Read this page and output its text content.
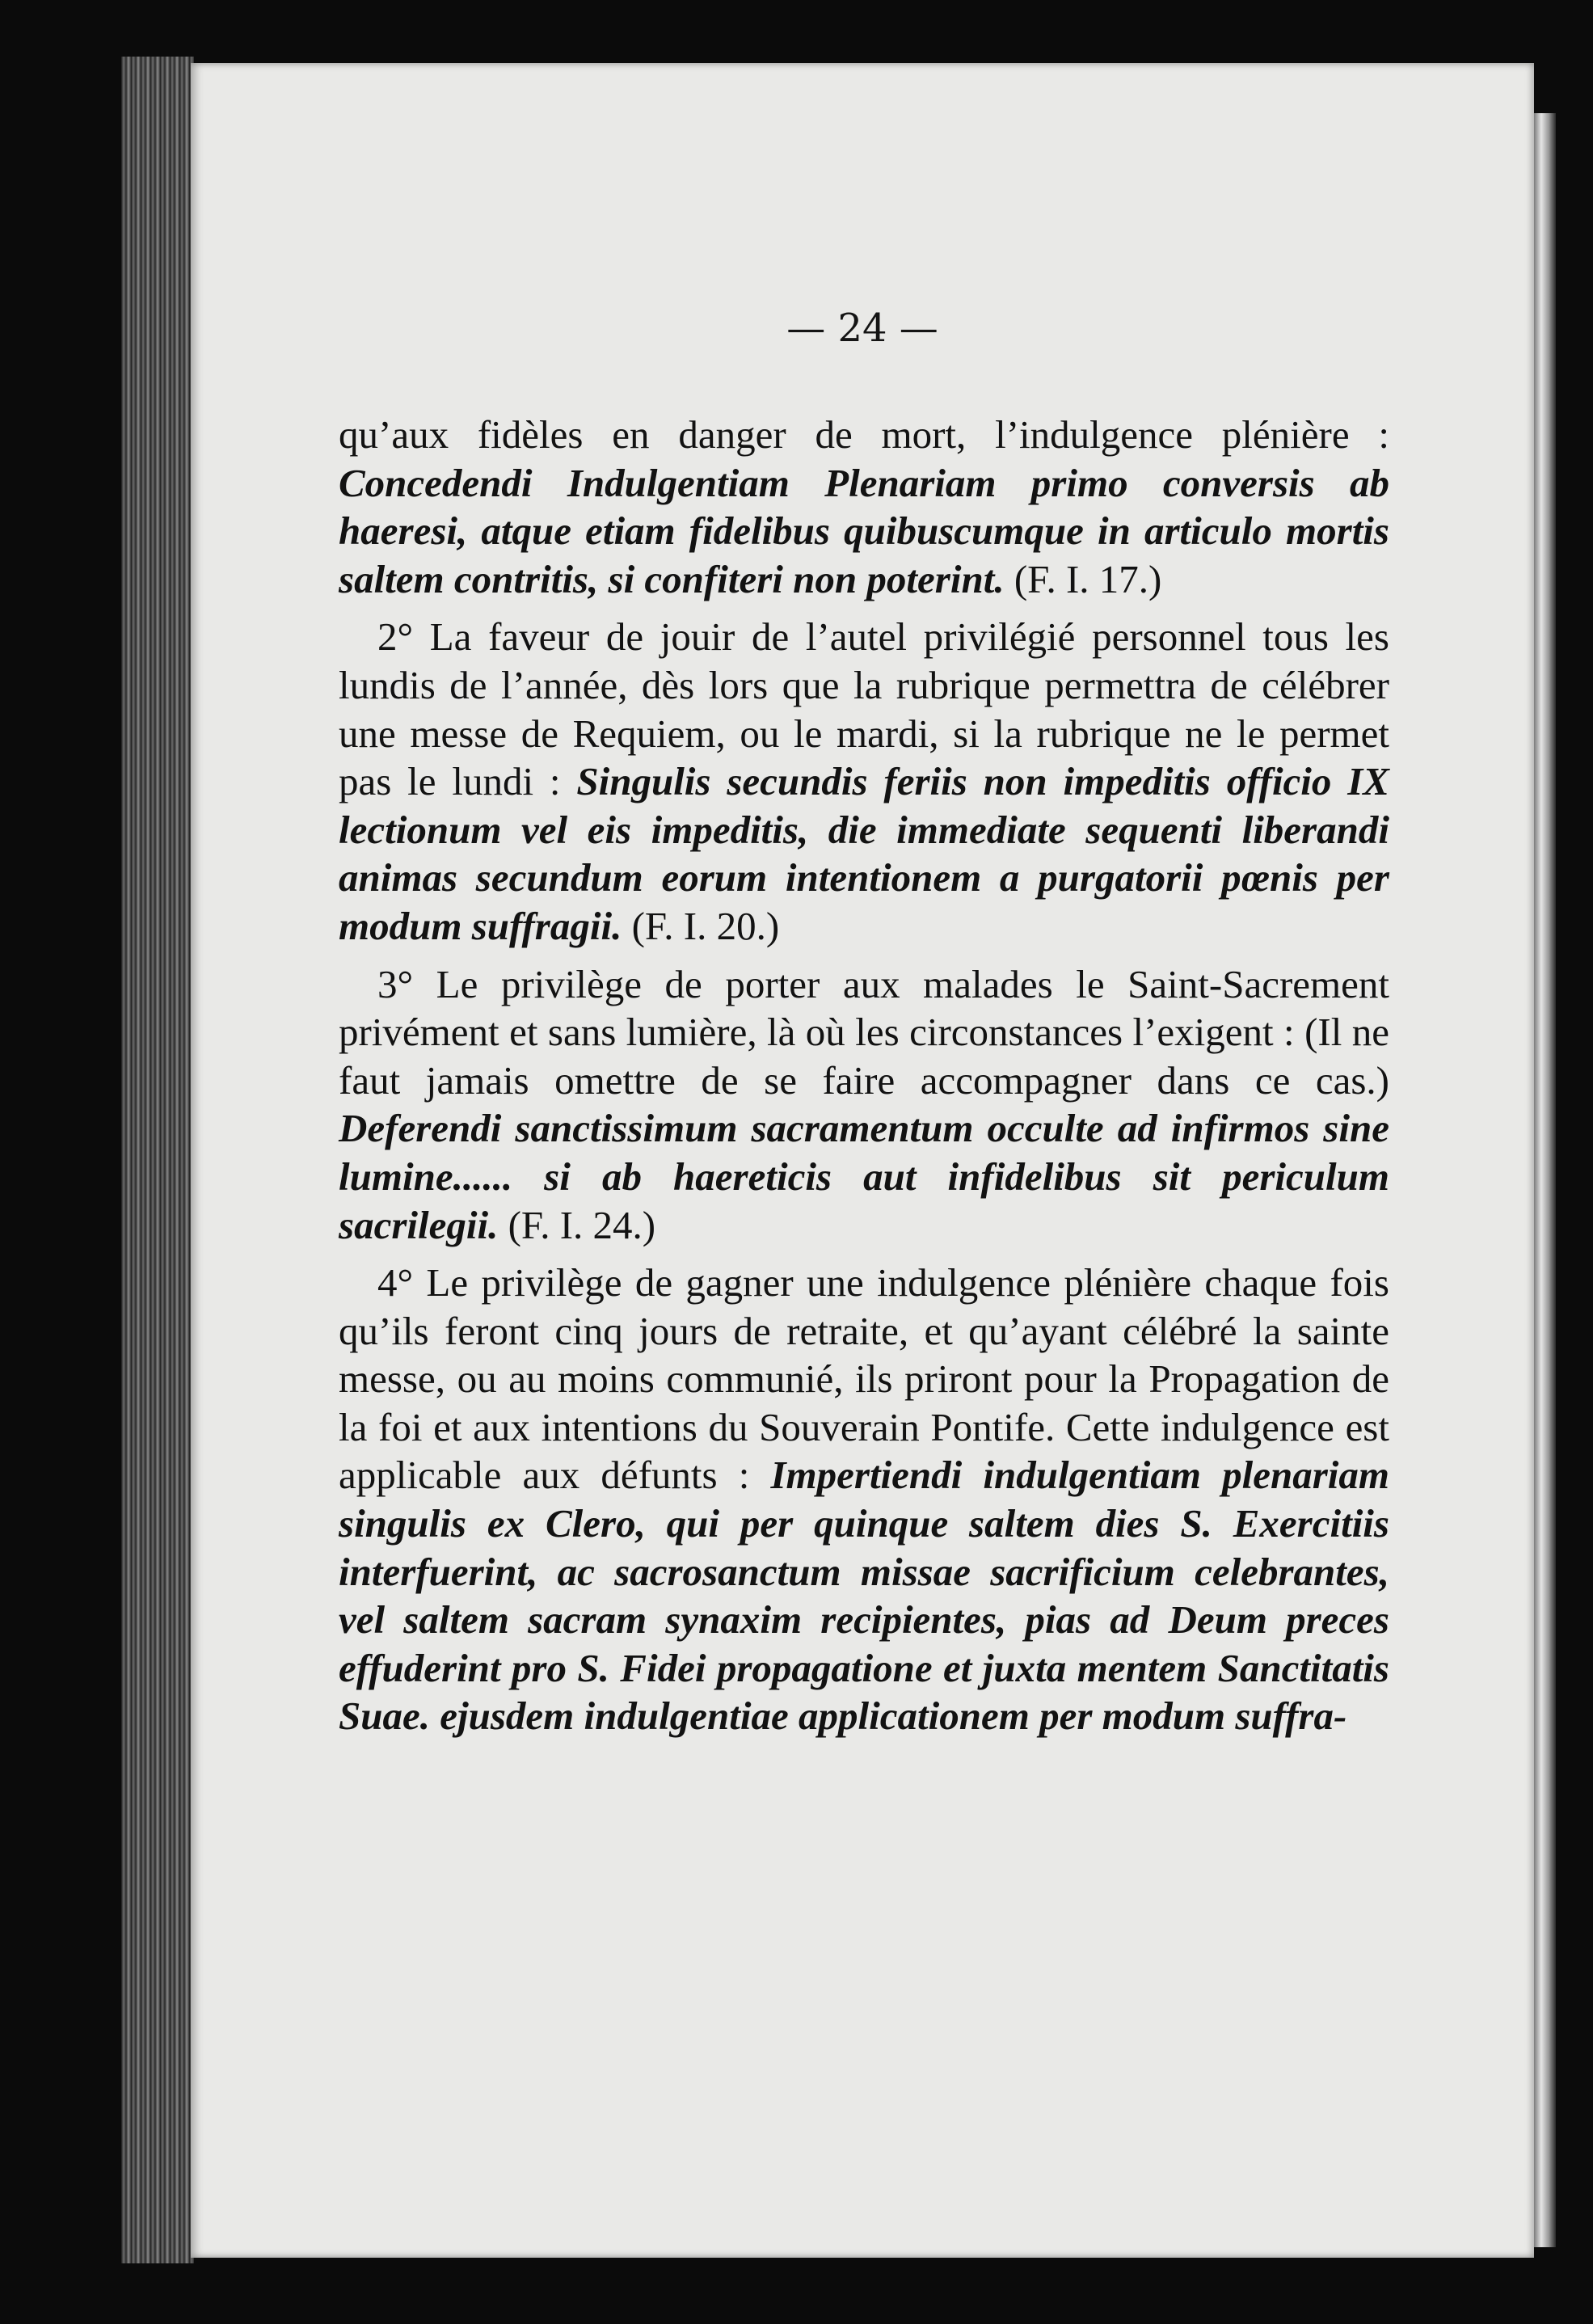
— 24 —

qu’aux fidèles en danger de mort, l’indulgence plénière : Concedendi Indulgentiam Plenariam primo conversis ab haeresi, atque etiam fidelibus quibuscumque in articulo mortis saltem contritis, si confiteri non poterint. (F. I. 17.)

2° La faveur de jouir de l’autel privilégié personnel tous les lundis de l’année, dès lors que la rubrique permettra de célébrer une messe de Requiem, ou le mardi, si la rubrique ne le permet pas le lundi : Singulis secundis feriis non impeditis officio IX lectionum vel eis impeditis, die immediate sequenti liberandi animas secundum eorum intentionem a purgatorii pœnis per modum suffragii. (F. I. 20.)

3° Le privilège de porter aux malades le Saint-Sacrement privément et sans lumière, là où les circonstances l’exigent : (Il ne faut jamais omettre de se faire accompagner dans ce cas.) Deferendi sanctissimum sacramentum occulte ad infirmos sine lumine...... si ab haereticis aut infidelibus sit periculum sacrilegii. (F. I. 24.)

4° Le privilège de gagner une indulgence plénière chaque fois qu’ils feront cinq jours de retraite, et qu’ayant célébré la sainte messe, ou au moins communié, ils priront pour la Propagation de la foi et aux intentions du Souverain Pontife. Cette indulgence est applicable aux défunts : Impertiendi indulgentiam plenariam singulis ex Clero, qui per quinque saltem dies S. Exercitiis interfuerint, ac sacrosanctum missae sacrificium celebrantes, vel saltem sacram synaxim recipientes, pias ad Deum preces effuderint pro S. Fidei propagatione et juxta mentem Sanctitatis Suae. ejusdem indulgentiae applicationem per modum suffra-
